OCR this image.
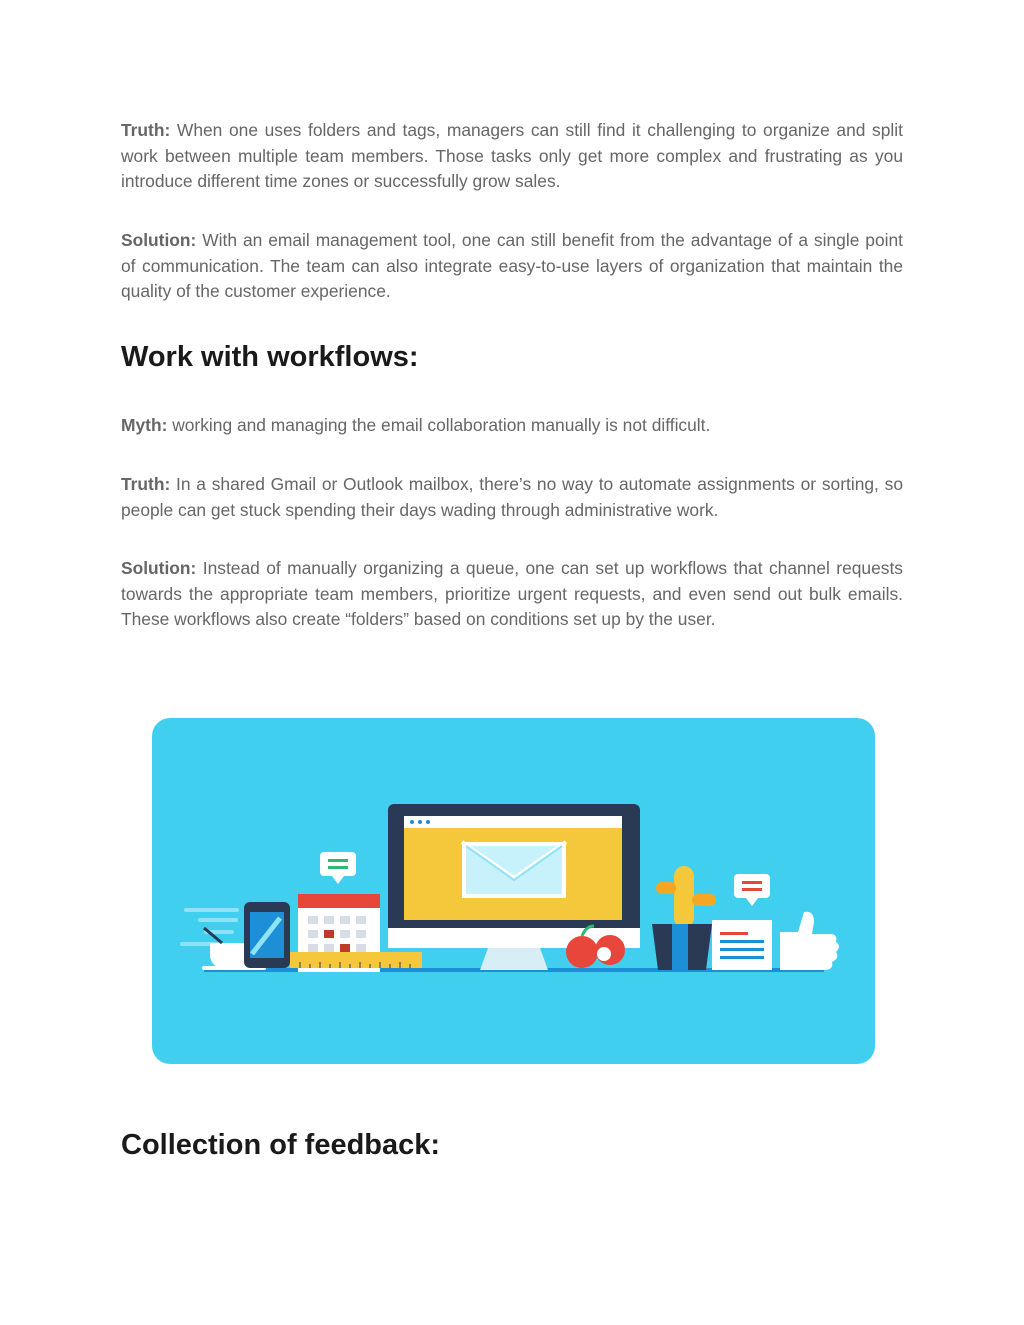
Truth: When one uses folders and tags, managers can still find it challenging to organize and split work between multiple team members. Those tasks only get more complex and frustrating as you introduce different time zones or successfully grow sales.

Solution: With an email management tool, one can still benefit from the advantage of a single point of communication. The team can also integrate easy-to-use layers of organization that maintain the quality of the customer experience.

Work with workflows:

Myth: working and managing the email collaboration manually is not difficult.

Truth: In a shared Gmail or Outlook mailbox, there’s no way to automate assignments or sorting, so people can get stuck spending their days wading through administrative work.

Solution: Instead of manually organizing a queue, one can set up workflows that channel requests towards the appropriate team members, prioritize urgent requests, and even send out bulk emails. These workflows also create “folders” based on conditions set up by the user.

Collection of feedback:
